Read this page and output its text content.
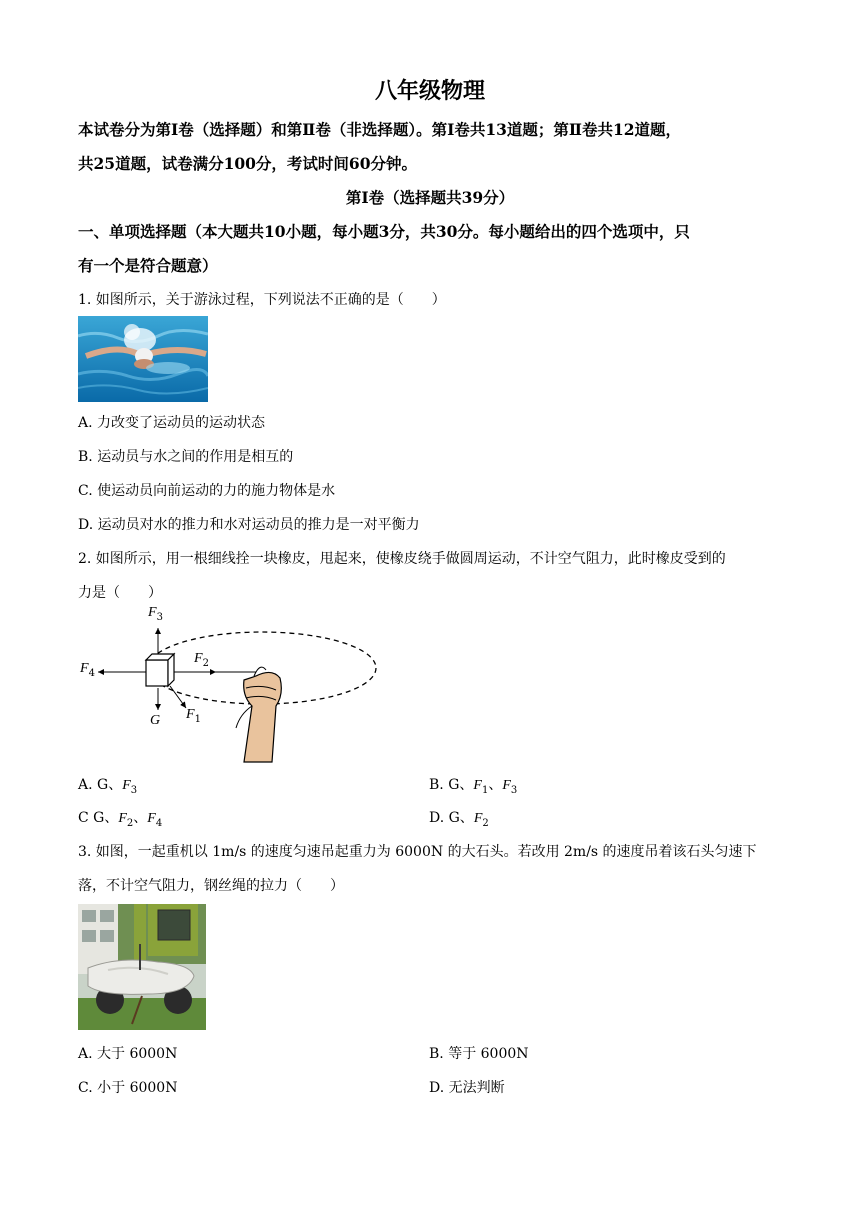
八年级物理
本试卷分为第Ⅰ卷（选择题）和第Ⅱ卷（非选择题）。第Ⅰ卷共13道题；第Ⅱ卷共12道题，
共25道题，试卷满分100分，考试时间60分钟。
第Ⅰ卷（选择题共39分）
一、单项选择题（本大题共10小题，每小题3分，共30分。每小题给出的四个选项中，只
有一个是符合题意）
1. 如图所示，关于游泳过程，下列说法不正确的是（　　）
A. 力改变了运动员的运动状态
B. 运动员与水之间的作用是相互的
C. 使运动员向前运动的力的施力物体是水
D. 运动员对水的推力和水对运动员的推力是一对平衡力
2. 如图所示，用一根细线拴一块橡皮，甩起来，使橡皮绕手做圆周运动，不计空气阻力，此时橡皮受到的
力是（　　）
$F_3$
$F_4$
$F_2$
G $F_1$
A. G、$F_3$	B. G、$F_1$、$F_3$
C G、$F_2$、$F_4$	D. G、$F_2$
3. 如图，一起重机以 1m/s 的速度匀速吊起重力为 6000N 的大石头。若改用 2m/s 的速度吊着该石头匀速下
落，不计空气阻力，钢丝绳的拉力（　　）
A. 大于 6000N	B. 等于 6000N
C. 小于 6000N	D. 无法判断
